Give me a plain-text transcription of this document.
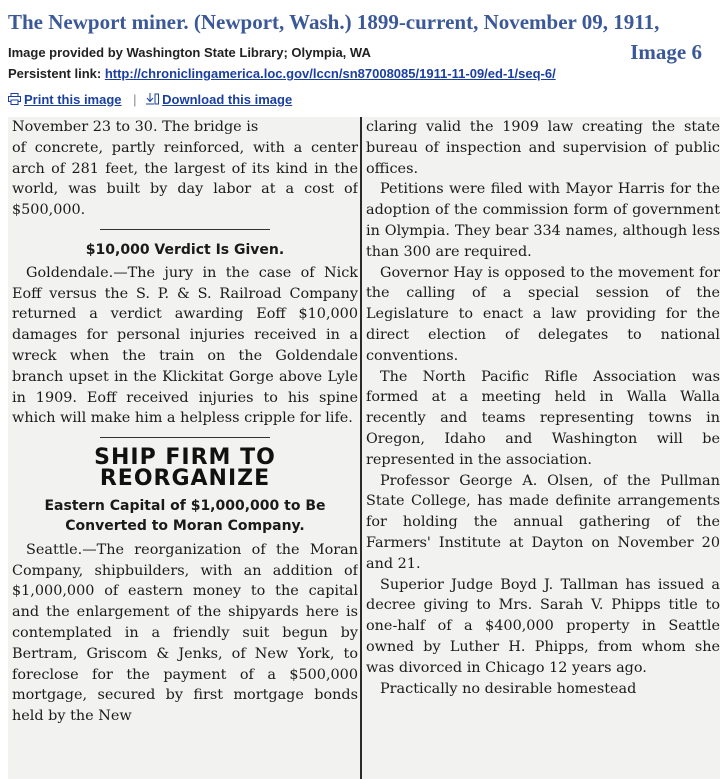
The Newport miner. (Newport, Wash.) 1899-current, November 09, 1911,
Image 6
Image provided by Washington State Library; Olympia, WA
Persistent link: http://chroniclingamerica.loc.gov/lccn/sn87008085/1911-11-09/ed-1/seq-6/
Print this image | Download this image

November 23 to 30. The bridge is

of concrete, partly reinforced, with a center arch of 281 feet, the largest of its kind in the world, was built by day labor at a cost of $500,000.

$10,000 Verdict Is Given.

Goldendale.—The jury in the case of Nick Eoff versus the S. P. & S. Railroad Company returned a verdict awarding Eoff $10,000 damages for personal injuries received in a wreck when the train on the Goldendale branch upset in the Klickitat Gorge above Lyle in 1909. Eoff received injuries to his spine which will make him a helpless cripple for life.

SHIP FIRM TO REORGANIZE
Eastern Capital of $1,000,000 to Be Converted to Moran Company.

Seattle.—The reorganization of the Moran Company, shipbuilders, with an addition of $1,000,000 of eastern money to the capital and the enlargement of the shipyards here is contemplated in a friendly suit begun by Bertram, Griscom & Jenks, of New York, to foreclose for the payment of a $500,000 mortgage, secured by first mortgage bonds held by the New

claring valid the 1909 law creating the state bureau of inspection and supervision of public offices.

Petitions were filed with Mayor Harris for the adoption of the commission form of government in Olympia. They bear 334 names, although less than 300 are required.

Governor Hay is opposed to the movement for the calling of a special session of the Legislature to enact a law providing for the direct election of delegates to national conventions.

The North Pacific Rifle Association was formed at a meeting held in Walla Walla recently and teams representing towns in Oregon, Idaho and Washington will be represented in the association.

Professor George A. Olsen, of the Pullman State College, has made definite arrangements for holding the annual gathering of the Farmers' Institute at Dayton on November 20 and 21.

Superior Judge Boyd J. Tallman has issued a decree giving to Mrs. Sarah V. Phipps title to one-half of a $400,000 property in Seattle owned by Luther H. Phipps, from whom she was divorced in Chicago 12 years ago.

Practically no desirable homestead
